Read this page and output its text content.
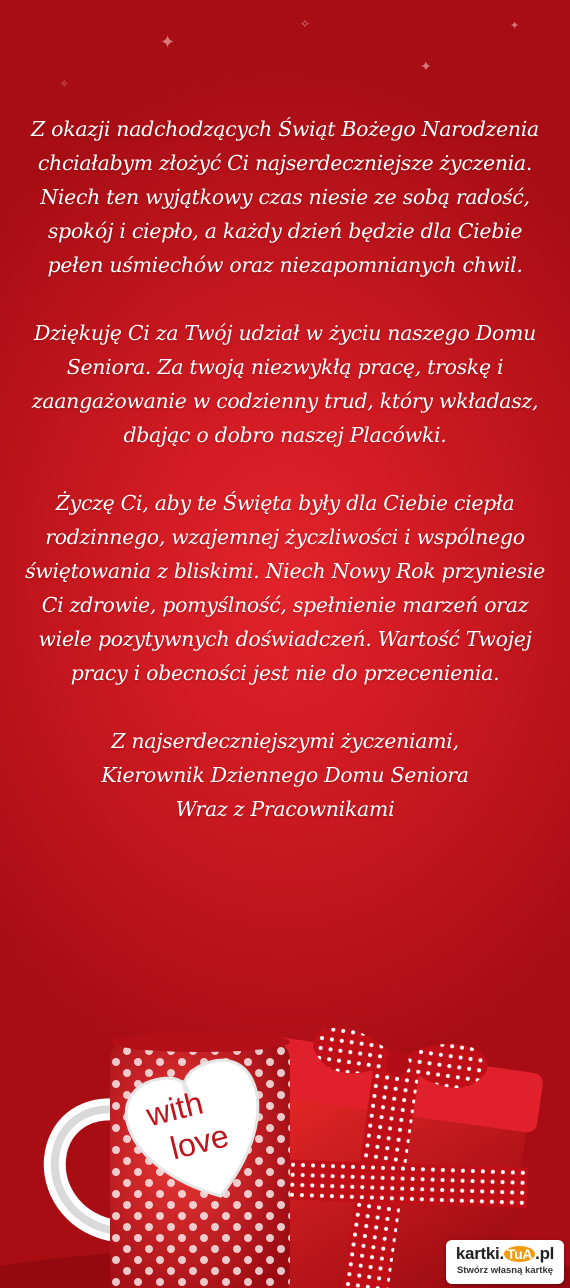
✦
✧
✦
✧
✦

Z okazji nadchodzących Świąt Bożego Narodzenia chciałabym złożyć Ci najserdeczniejsze życzenia. Niech ten wyjątkowy czas niesie ze sobą radość, spokój i ciepło, a każdy dzień będzie dla Ciebie pełen uśmiechów oraz niezapomnianych chwil.

Dziękuję Ci za Twój udział w życiu naszego Domu Seniora. Za twoją niezwykłą pracę, troskę i zaangażowanie w codzienny trud, który wkładasz, dbając o dobro naszej Placówki.

Życzę Ci, aby te Święta były dla Ciebie ciepła rodzinnego, wzajemnej życzliwości i wspólnego świętowania z bliskimi. Niech Nowy Rok przyniesie Ci zdrowie, pomyślność, spełnienie marzeń oraz wiele pozytywnych doświadczeń. Wartość Twojej pracy i obecności jest nie do przecenienia.

Z najserdeczniejszymi życzeniami,
Kierownik Dziennego Domu Seniora
Wraz z Pracownikami

with
love
kartki. TuA .pl
Stwórz własną kartkę
